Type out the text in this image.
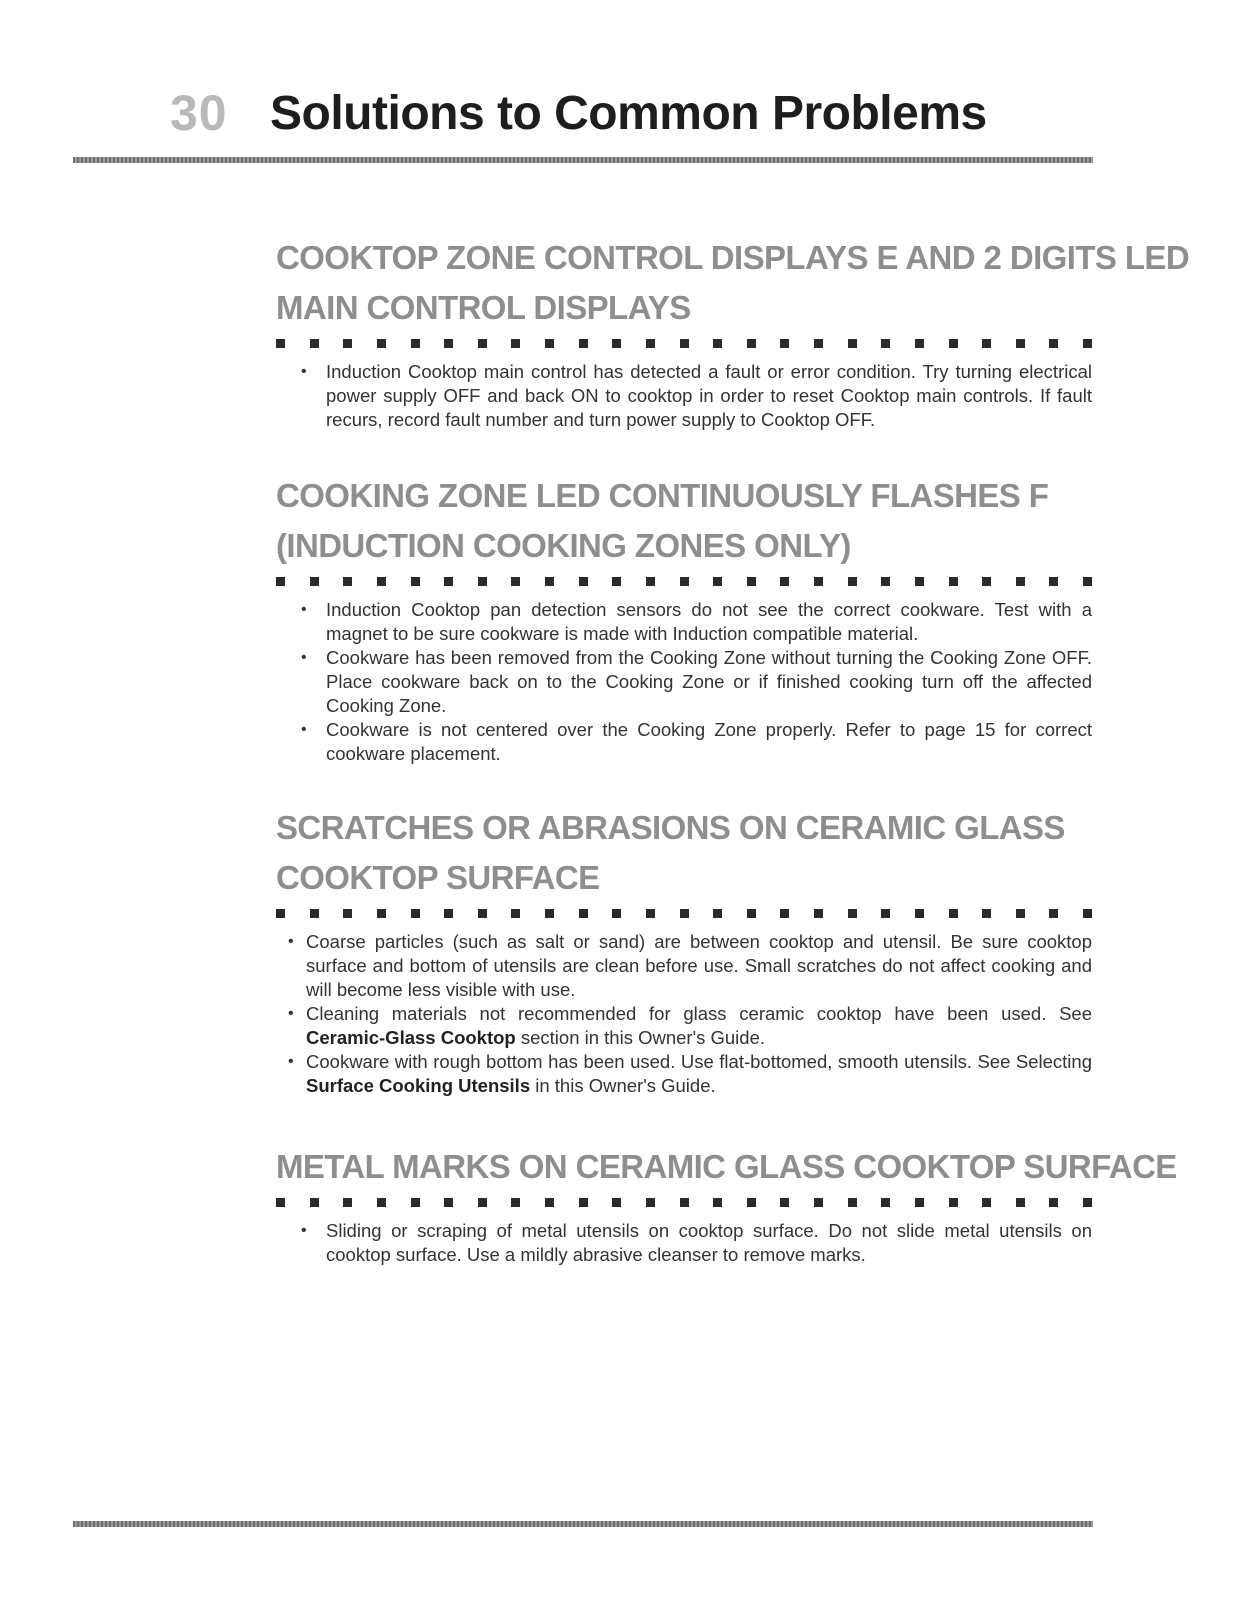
30 Solutions to Common Problems
COOKTOP ZONE CONTROL DISPLAYS E AND 2 DIGITS LED
MAIN CONTROL DISPLAYS
• Induction Cooktop main control has detected a fault or error condition. Try turning electrical power supply OFF and back ON to cooktop in order to reset Cooktop main controls. If fault recurs, record fault number and turn power supply to Cooktop OFF.
COOKING ZONE LED CONTINUOUSLY FLASHES F
(INDUCTION COOKING ZONES ONLY)
• Induction Cooktop pan detection sensors do not see the correct cookware. Test with a magnet to be sure cookware is made with Induction compatible material.
• Cookware has been removed from the Cooking Zone without turning the Cooking Zone OFF. Place cookware back on to the Cooking Zone or if finished cooking turn off the affected Cooking Zone.
• Cookware is not centered over the Cooking Zone properly. Refer to page 15 for correct cookware placement.
SCRATCHES OR ABRASIONS ON CERAMIC GLASS
COOKTOP SURFACE
• Coarse particles (such as salt or sand) are between cooktop and utensil. Be sure cooktop surface and bottom of utensils are clean before use. Small scratches do not affect cooking and will become less visible with use.
• Cleaning materials not recommended for glass ceramic cooktop have been used. See Ceramic-Glass Cooktop section in this Owner's Guide.
• Cookware with rough bottom has been used. Use flat-bottomed, smooth utensils. See Selecting Surface Cooking Utensils in this Owner's Guide.
METAL MARKS ON CERAMIC GLASS COOKTOP SURFACE
• Sliding or scraping of metal utensils on cooktop surface. Do not slide metal utensils on cooktop surface. Use a mildly abrasive cleanser to remove marks.
